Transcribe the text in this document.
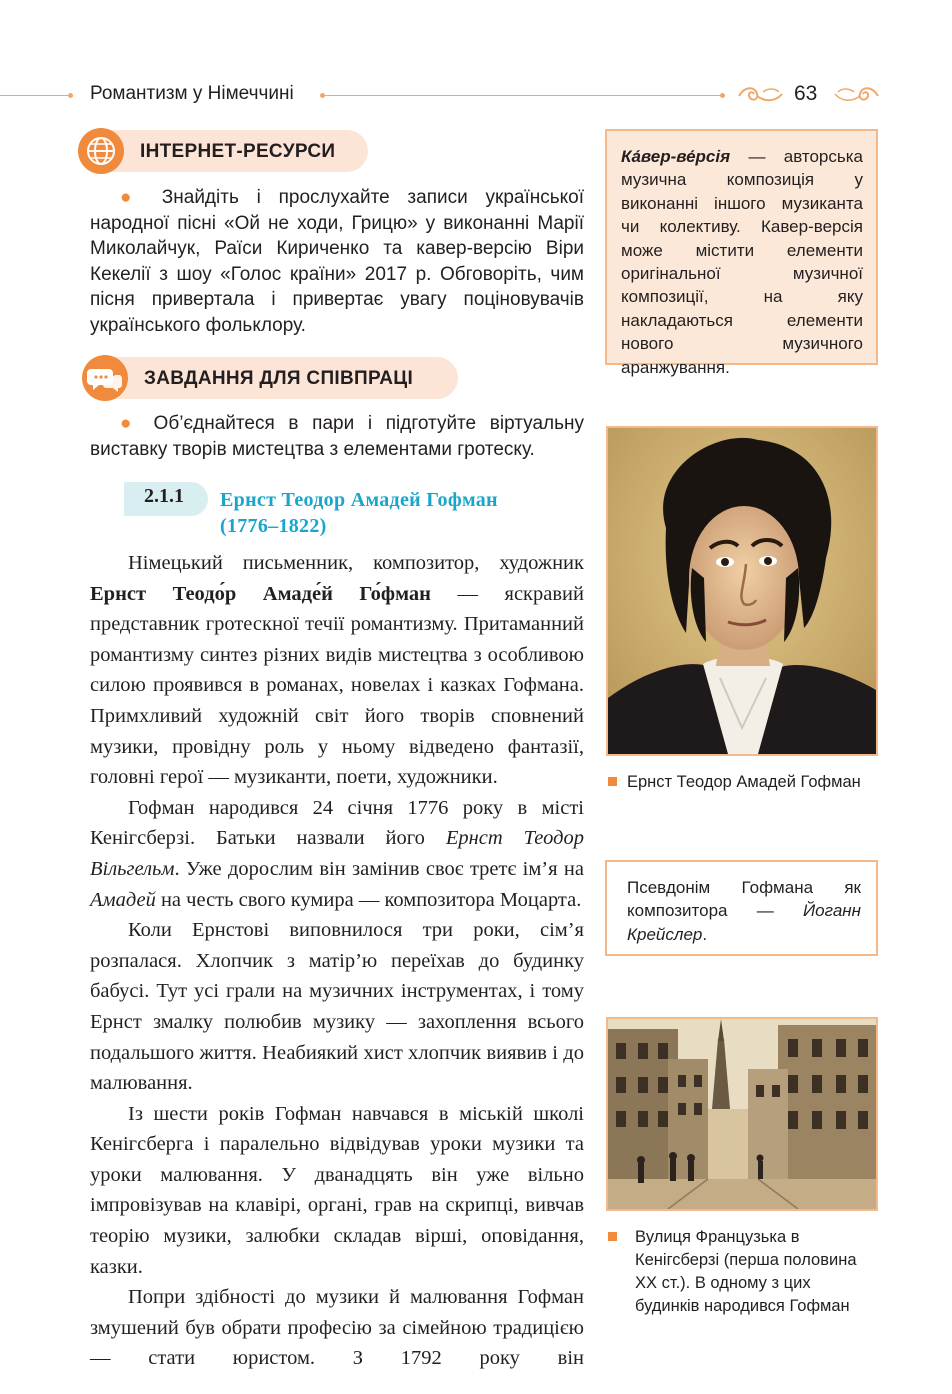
Романтизм у Німеччині	63
ІНТЕРНЕТ-РЕСУРСИ
● Знайдіть і прослухайте записи української народної пісні «Ой не ходи, Грицю» у виконанні Марії Миколайчук, Раїси Кириченко та кавер-версію Віри Кекелії з шоу «Голос країни» 2017 р. Обговоріть, чим пісня привертала і привертає увагу поціновувачів українського фольклору.
ЗАВДАННЯ ДЛЯ СПІВПРАЦІ
● Об’єднайтеся в пари і підготуйте віртуальну виставку творів мистецтва з елементами гротеску.
2.1.1 Ернст Теодор Амадей Гофман
(1776–1822)

Німецький письменник, композитор, художник Ернст Теодо́р Амаде́й Го́фман — яскравий представник гротескної течії романтизму. Притаманний романтизму синтез різних видів мистецтва з особливою силою проявився в романах, новелах і казках Гофмана. Примхливий художній світ його творів сповнений музики, провідну роль у ньому відведено фантазії, головні герої — музиканти, поети, художники.

Гофман народився 24 січня 1776 року в місті Кенігсберзі. Батьки назвали його Ернст Теодор Вільгельм. Уже дорослим він замінив своє третє ім’я на Амадей на честь свого кумира — композитора Моцарта.

Коли Ернстові виповнилося три роки, сім’я розпалася. Хлопчик з матір’ю переїхав до будинку бабусі. Тут усі грали на музичних інструментах, і тому Ернст змалку полюбив музику — захоплення всього подальшого життя. Неабиякий хист хлопчик виявив і до малювання.

Із шести років Гофман навчався в міській школі Кенігсберга і паралельно відвідував уроки музики та уроки малювання. У дванадцять він уже вільно імпровізував на клавірі, органі, грав на скрипці, вивчав теорію музики, залюбки складав вірші, оповідання, казки.

Попри здібності до музики й малювання Гофман змушений був обрати професію за сімейною традицією — стати юристом. З 1792 року він

Ка́вер-ве́рсія — авторська музична композиція у виконанні іншого музиканта чи колективу. Кавер-версія може містити елементи оригінальної музичної композиції, на яку накладаються елементи нового музичного аранжування.
Ернст Теодор Амадей Гофман
Псевдонім Гофмана як композитора — Йоганн Крейслер.
Вулиця Французька в Кенігсберзі (перша половина XX ст.). В одному з цих будинків народився Гофман
